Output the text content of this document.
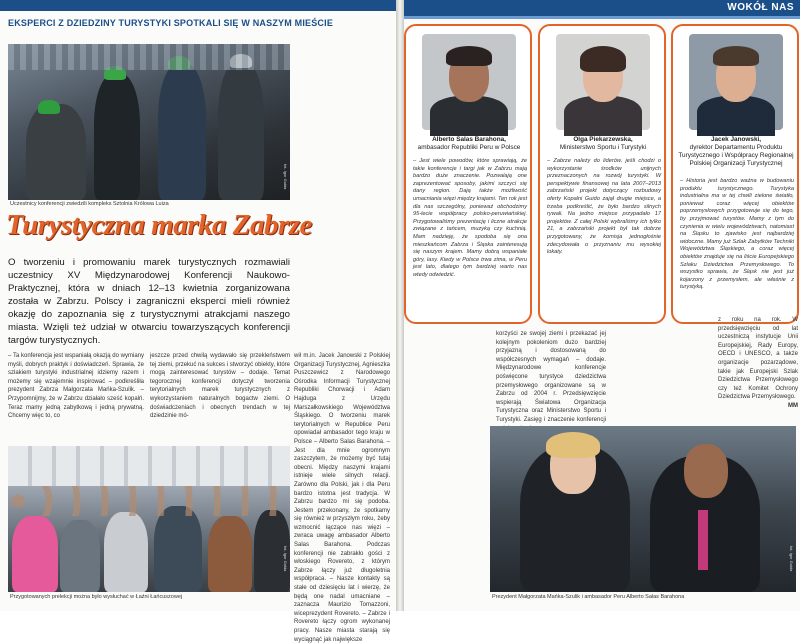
EKSPERCI Z DZIEDZINY TURYSTYKI SPOTKALI SIĘ W NASZYM MIEŚCIE
fot. Igor Gołda
Uczestnicy konferencji zwiedzili kompleks Sztolnia Królowa Luiza
Turystyczna marka Zabrze
O tworzeniu i promowaniu marek turystycznych rozmawiali uczestnicy XV Międzynarodowej Konferencji Naukowo-Praktycznej, która w dniach 12–13 kwietnia zorganizowana została w Zabrzu. Polscy i zagraniczni eksperci mieli również okazję do zapoznania się z turystycznymi atrakcjami naszego miasta. Wzięli też udział w otwarciu towarzyszących konferencji targów turystycznych.
– Ta konferencja jest wspaniałą okazją do wymiany myśli, dobrych praktyk i doświadczeń. Sprawia, że szlakiem turystyki industrialnej idziemy razem i możemy się wzajemnie inspirować – podkreśliła prezydent Zabrza Małgorzata Mańka-Szulik. – Przypomnijmy, że w Zabrzu działało sześć kopalń. Teraz mamy jedną zabytkową i jedną prywatną. Chcemy więc to, co
jeszcze przed chwilą wydawało się przekleństwem tej ziemi, przekuć na sukces i stworzyć obiekty, które mogą zainteresować turystów – dodaje. Temat tegorocznej konferencji dotyczył tworzenia terytorialnych marek turystycznych z wykorzystaniem naturalnych bogactw ziemi. O doświadczeniach i obecnych trendach w tej dziedzinie mó-
wił m.in. Jacek Janowski z Polskiej Organizacji Turystycznej, Agnieszka Puszczewicz z Narodowego Ośrodka Informacji Turystycznej Republiki Chorwacji i Adam Hajduga z Urzędu Marszałkowskiego Województwa Śląskiego. O tworzeniu marek terytorialnych w Republice Peru opowiadał ambasador tego kraju w Polsce – Alberto Salas Barahona. – Jest dla mnie ogromnym zaszczytem, że możemy być tutaj obecni. Między naszymi krajami istnieje wiele silnych relacji. Zarówno dla Polski, jak i dla Peru bardzo istotna jest tradycja. W Zabrzu bardzo mi się podoba. Jestem przekonany, że spotkamy się również w przyszłym roku, żeby wzmocnić łączące nas więzi – zwraca uwagę ambasador Alberto Salas Barahona. Podczas konferencji nie zabrakło gości z włoskiego Rovereto, z którym Zabrze łączy już długoletnia współpraca. – Nasze kontakty są stałe od dziesięciu lat i wierzę, że będą one nadal umacniane – zaznacza Maurizio Tomazzoni, wiceprezydent Rovereto. – Zabrze i Rovereto łączy ogrom wykonanej pracy. Nasze miasta starają się wyciągnąć jak największe
fot. Igor Gołda
Przygotowanych prelekcji można było wysłuchać w Łaźni Łańcuszowej
WOKÓŁ NAS
Alberto Salas Barahona,
ambasador Republiki Peru w Polsce
– Jest wiele powodów, które sprawiają, że takie konferencje i targi jak w Zabrzu mają bardzo duże znaczenie. Pozwalają one zaprezentować sposoby, jakimi szczyci się dany region. Dają także możliwość umacniania więzi między krajami. Ten rok jest dla nas szczególny, ponieważ obchodzimy 95-lecie współpracy polsko-peruwiańskiej. Przygotowaliśmy prezentację i liczne atrakcje związane z tańcem, muzyką czy kuchnią. Mam nadzieję, że spodoba się ona mieszkańcom Zabrza i Śląska zainteresują się naszym krajem. Mamy dobrą wspaniałe góry, lasy. Kiedy w Polsce trwa zima, w Peru jest lato, dlatego tym bardziej warto nas wtedy odwiedzić.
Olga Piekarzewska,
Ministerstwo Sportu i Turystyki
– Zabrze należy do liderów, jeśli chodzi o wykorzystanie środków unijnych przeznaczonych na rozwój turystyki. W perspektywie finansowej na lata 2007–2013 zabrzański projekt dotyczący rozbudowy oferty Kopalni Guido zajął drugie miejsce, a trzeba podkreślić, że było bardzo silnych rywali. Na jedno miejsce przypadało 17 projektów. Z całej Polski wybraliśmy ich tylko 21, a zabrzański projekt był tak dobrze przygotowany, że komisja jednogłośnie zdecydowała o przyznaniu mu wysokiej lokaty.
Jacek Janowski,
dyrektor Departamentu Produktu Turystycznego i Współpracy Regionalnej Polskiej Organizacji Turystycznej
– Historia jest bardzo ważna w budowaniu produktu turystycznego. Turystyka industrialna ma w tej chwili zielone światło, ponieważ coraz więcej obiektów poprzemysłowych przygotowuje się do tego, by przyjmować turystów. Mamy z tym do czynienia w wielu województwach, natomiast na Śląsku to zjawisko jest najbardziej widoczne. Mamy już Szlak Zabytków Techniki Województwa Śląskiego, a coraz więcej obiektów znajduje się na liście Europejskiego Szlaku Dziedzictwa Przemysłowego. To wszystko sprawia, że Śląsk nie jest już kojarzony z przemysłem, ale właśnie z turystyką.
korzyści ze swojej ziemi i przekazać jej kolejnym pokoleniom dużo bardziej przyjazną i dostosowaną do współczesnych wymagań – dodaje. Międzynarodowe konferencje poświęcone turystyce dziedzictwa przemysłowego organizowane są w Zabrzu od 2004 r. Przedsięwzięcie wspierają Światowa Organizacja Turystyczna oraz Ministerstwo Sportu i Turystyki. Zasięg i znaczenie konferencji
z roku na rok. W przedsięwzięciu od lat uczestniczą instytucje Unii Europejskiej, Rady Europy, OECD i UNESCO, a także organizacje pozarządowe, takie jak Europejski Szlak Dziedzictwa Przemysłowego czy też Komitet Ochrony Dziedzictwa Przemysłowego.
MM
fot. Igor Gołda
Prezydent Małgorzata Mańka-Szulik i ambasador Peru Alberto Salas Barahona
